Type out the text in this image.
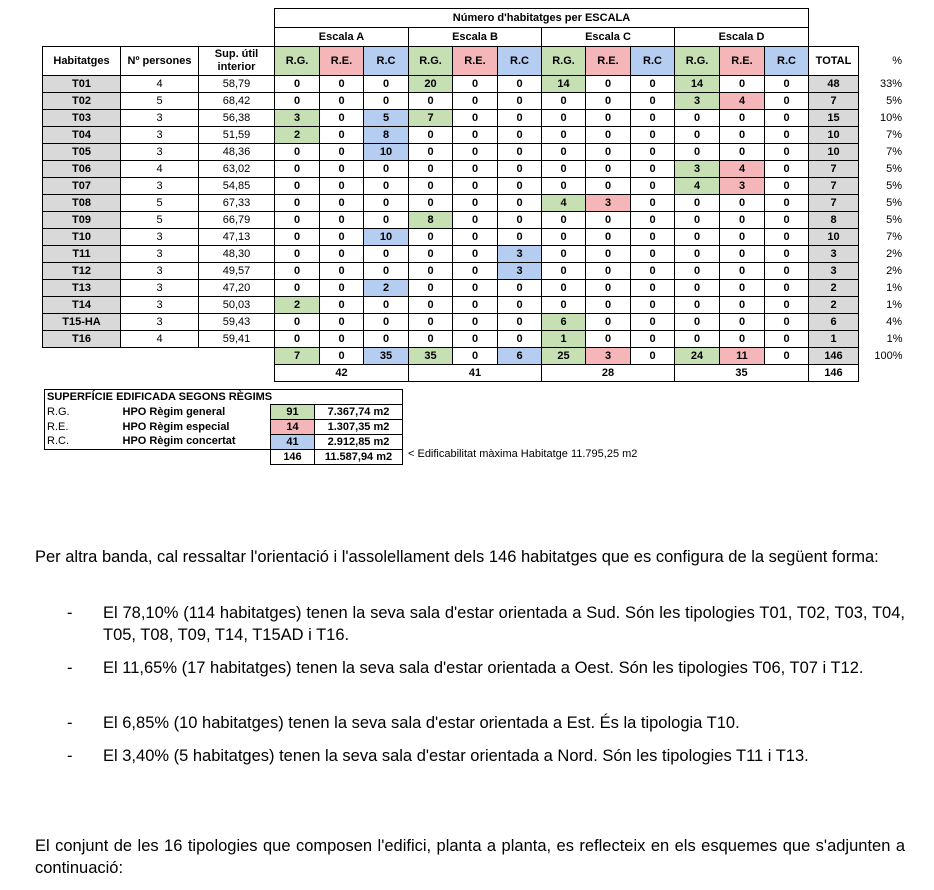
			Número d'habitatges per ESCALA													
			Escala A			Escala B			Escala C			Escala D				
Habitatges	Nº persones	Sup. útil interior	R.G.	R.E.	R.C	R.G.	R.E.	R.C	R.G.	R.E.	R.C	R.G.	R.E.	R.C	TOTAL	%
T01	4	58,79	0	0	0	20	0	0	14	0	0	14	0	0	48	33%
T02	5	68,42	0	0	0	0	0	0	0	0	0	3	4	0	7	5%
T03	3	56,38	3	0	5	7	0	0	0	0	0	0	0	0	15	10%
T04	3	51,59	2	0	8	0	0	0	0	0	0	0	0	0	10	7%
T05	3	48,36	0	0	10	0	0	0	0	0	0	0	0	0	10	7%
T06	4	63,02	0	0	0	0	0	0	0	0	0	3	4	0	7	5%
T07	3	54,85	0	0	0	0	0	0	0	0	0	4	3	0	7	5%
T08	5	67,33	0	0	0	0	0	0	4	3	0	0	0	0	7	5%
T09	5	66,79	0	0	0	8	0	0	0	0	0	0	0	0	8	5%
T10	3	47,13	0	0	10	0	0	0	0	0	0	0	0	0	10	7%
T11	3	48,30	0	0	0	0	0	3	0	0	0	0	0	0	3	2%
T12	3	49,57	0	0	0	0	0	3	0	0	0	0	0	0	3	2%
T13	3	47,20	0	0	2	0	0	0	0	0	0	0	0	0	2	1%
T14	3	50,03	2	0	0	0	0	0	0	0	0	0	0	0	2	1%
T15-HA	3	59,43	0	0	0	0	0	0	6	0	0	0	0	0	6	4%
T16	4	59,41	0	0	0	0	0	0	1	0	0	0	0	0	1	1%
			7	0	35	35	0	6	25	3	0	24	11	0	146	100%
			42			41			28			35			146	
SUPERFÍCIE EDIFICADA SEGONS RÈGIMS			
R.G.	HPO Règim general	91	7.367,74 m2
R.E.	HPO Règim especial	14	1.307,35 m2
R.C.	HPO Règim concertat	41	2.912,85 m2
		146	11.587,94 m2 < Edificabilitat màxima Habitatge 11.795,25 m2
Per altra banda, cal ressaltar l'orientació i l'assolellament dels 146 habitatges que es configura de la següent forma:
- El 78,10% (114 habitatges) tenen la seva sala d'estar orientada a Sud. Són les tipologies T01, T02, T03, T04, T05, T08, T09, T14, T15AD i T16.
- El 11,65% (17 habitatges) tenen la seva sala d'estar orientada a Oest. Són les tipologies T06, T07 i T12.
- El 6,85% (10 habitatges) tenen la seva sala d'estar orientada a Est. És la tipologia T10.
- El 3,40% (5 habitatges) tenen la seva sala d'estar orientada a Nord. Són les tipologies T11 i T13.
El conjunt de les 16 tipologies que composen l'edifici, planta a planta, es reflecteix en els esquemes que s'adjunten a continuació:
